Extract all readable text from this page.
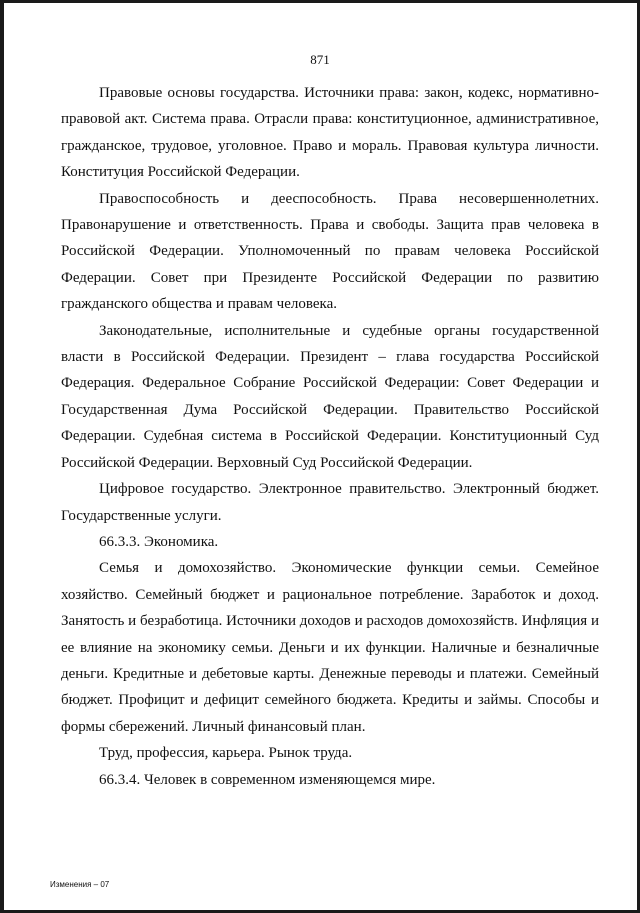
871

Правовые основы государства. Источники права: закон, кодекс, нормативно-правовой акт. Система права. Отрасли права: конституционное, административное, гражданское, трудовое, уголовное. Право и мораль. Правовая культура личности. Конституция Российской Федерации.

Правоспособность и дееспособность. Права несовершеннолетних. Правонарушение и ответственность. Права и свободы. Защита прав человека в Российской Федерации. Уполномоченный по правам человека Российской Федерации. Совет при Президенте Российской Федерации по развитию гражданского общества и правам человека.

Законодательные, исполнительные и судебные органы государственной власти в Российской Федерации. Президент – глава государства Российской Федерация. Федеральное Собрание Российской Федерации: Совет Федерации и Государственная Дума Российской Федерации. Правительство Российской Федерации. Судебная система в Российской Федерации. Конституционный Суд Российской Федерации. Верховный Суд Российской Федерации.

Цифровое государство. Электронное правительство. Электронный бюджет. Государственные услуги.

66.3.3. Экономика.

Семья и домохозяйство. Экономические функции семьи. Семейное хозяйство. Семейный бюджет и рациональное потребление. Заработок и доход. Занятость и безработица. Источники доходов и расходов домохозяйств. Инфляция и ее влияние на экономику семьи. Деньги и их функции. Наличные и безналичные деньги. Кредитные и дебетовые карты. Денежные переводы и платежи. Семейный бюджет. Профицит и дефицит семейного бюджета. Кредиты и займы. Способы и формы сбережений. Личный финансовый план.

Труд, профессия, карьера. Рынок труда.

66.3.4. Человек в современном изменяющемся мире.

Изменения – 07
